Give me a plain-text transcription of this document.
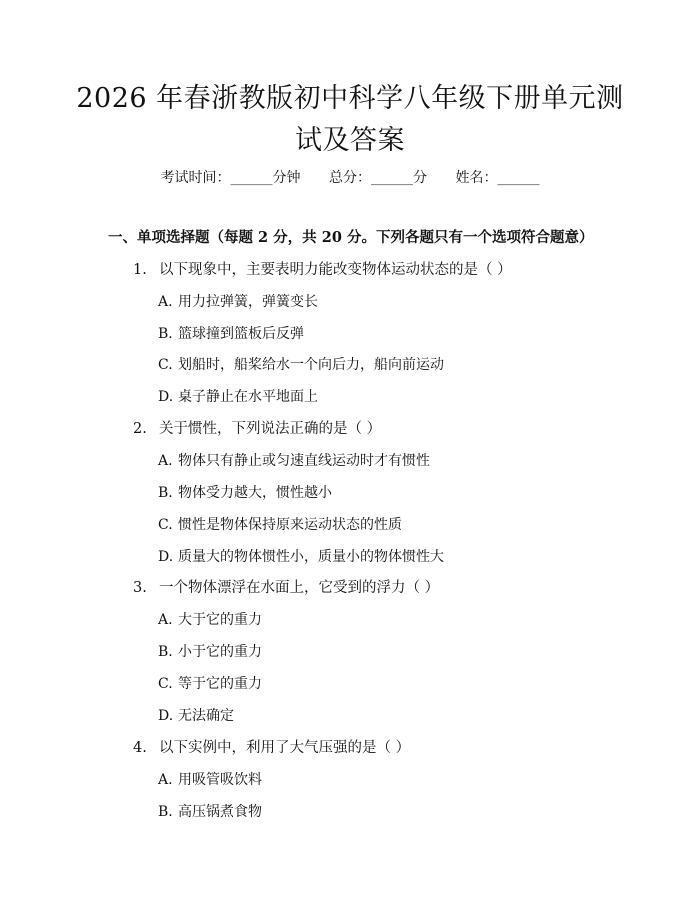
2026 年春浙教版初中科学八年级下册单元测
试及答案
考试时间：______分钟 总分：______分 姓名：______
一、单项选择题（每题 2 分，共 20 分。下列各题只有一个选项符合题意）
1. 以下现象中，主要表明力能改变物体运动状态的是（ ）
A. 用力拉弹簧，弹簧变长
B. 篮球撞到篮板后反弹
C. 划船时，船桨给水一个向后力，船向前运动
D. 桌子静止在水平地面上
2. 关于惯性，下列说法正确的是（ ）
A. 物体只有静止或匀速直线运动时才有惯性
B. 物体受力越大，惯性越小
C. 惯性是物体保持原来运动状态的性质
D. 质量大的物体惯性小，质量小的物体惯性大
3. 一个物体漂浮在水面上，它受到的浮力（ ）
A. 大于它的重力
B. 小于它的重力
C. 等于它的重力
D. 无法确定
4. 以下实例中，利用了大气压强的是（ ）
A. 用吸管吸饮料
B. 高压锅煮食物
